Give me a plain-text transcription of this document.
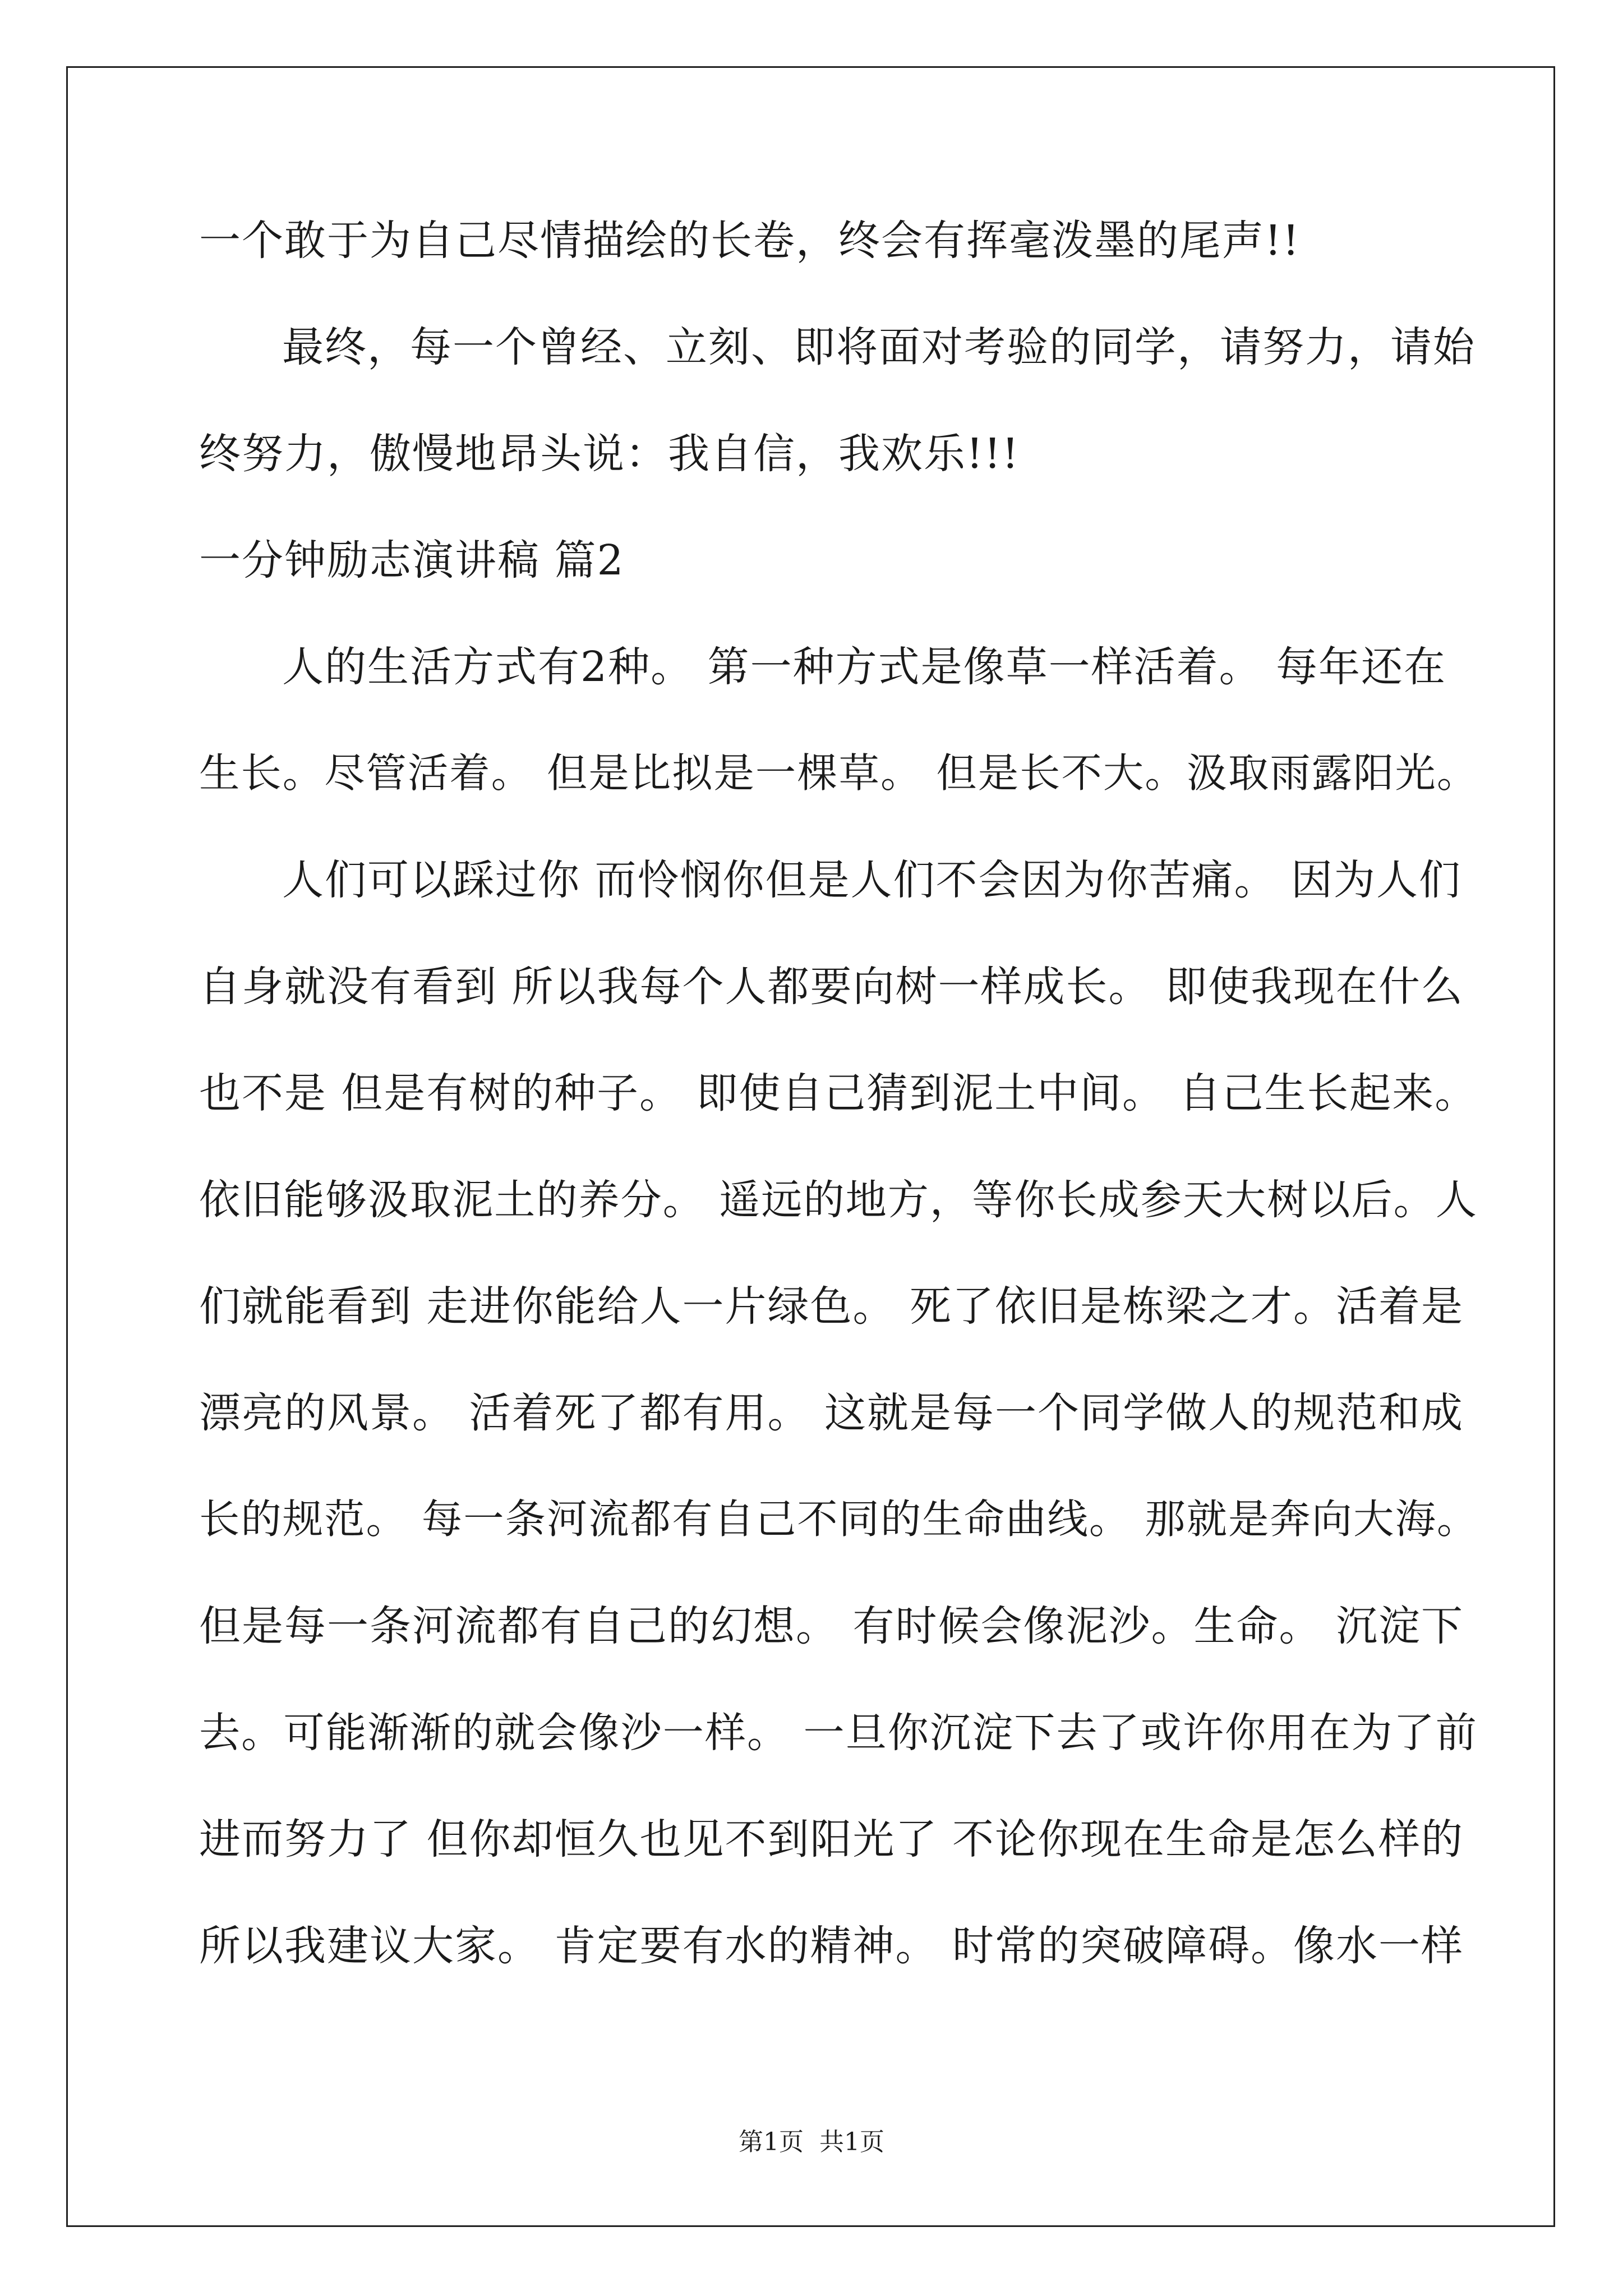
一个敢于为自己尽情描绘的长卷，终会有挥毫泼墨的尾声!!
最终，每一个曾经、立刻、即将面对考验的同学，请努力，请始
终努力，傲慢地昂头说：我自信，我欢乐!!!
一分钟励志演讲稿 篇2
人的生活方式有2种。 第一种方式是像草一样活着。 每年还在
生长。尽管活着。 但是比拟是一棵草。 但是长不大。汲取雨露阳光。
人们可以踩过你 而怜悯你但是人们不会因为你苦痛。 因为人们
自身就没有看到 所以我每个人都要向树一样成长。 即使我现在什么
也不是 但是有树的种子。 即使自己猜到泥土中间。 自己生长起来。
依旧能够汲取泥土的养分。 遥远的地方，等你长成参天大树以后。人
们就能看到 走进你能给人一片绿色。 死了依旧是栋梁之才。活着是
漂亮的风景。 活着死了都有用。 这就是每一个同学做人的规范和成
长的规范。 每一条河流都有自己不同的生命曲线。 那就是奔向大海。
但是每一条河流都有自己的幻想。 有时候会像泥沙。生命。 沉淀下
去。可能渐渐的就会像沙一样。 一旦你沉淀下去了或许你用在为了前
进而努力了 但你却恒久也见不到阳光了 不论你现在生命是怎么样的
所以我建议大家。 肯定要有水的精神。 时常的突破障碍。像水一样
第1页  共1页
